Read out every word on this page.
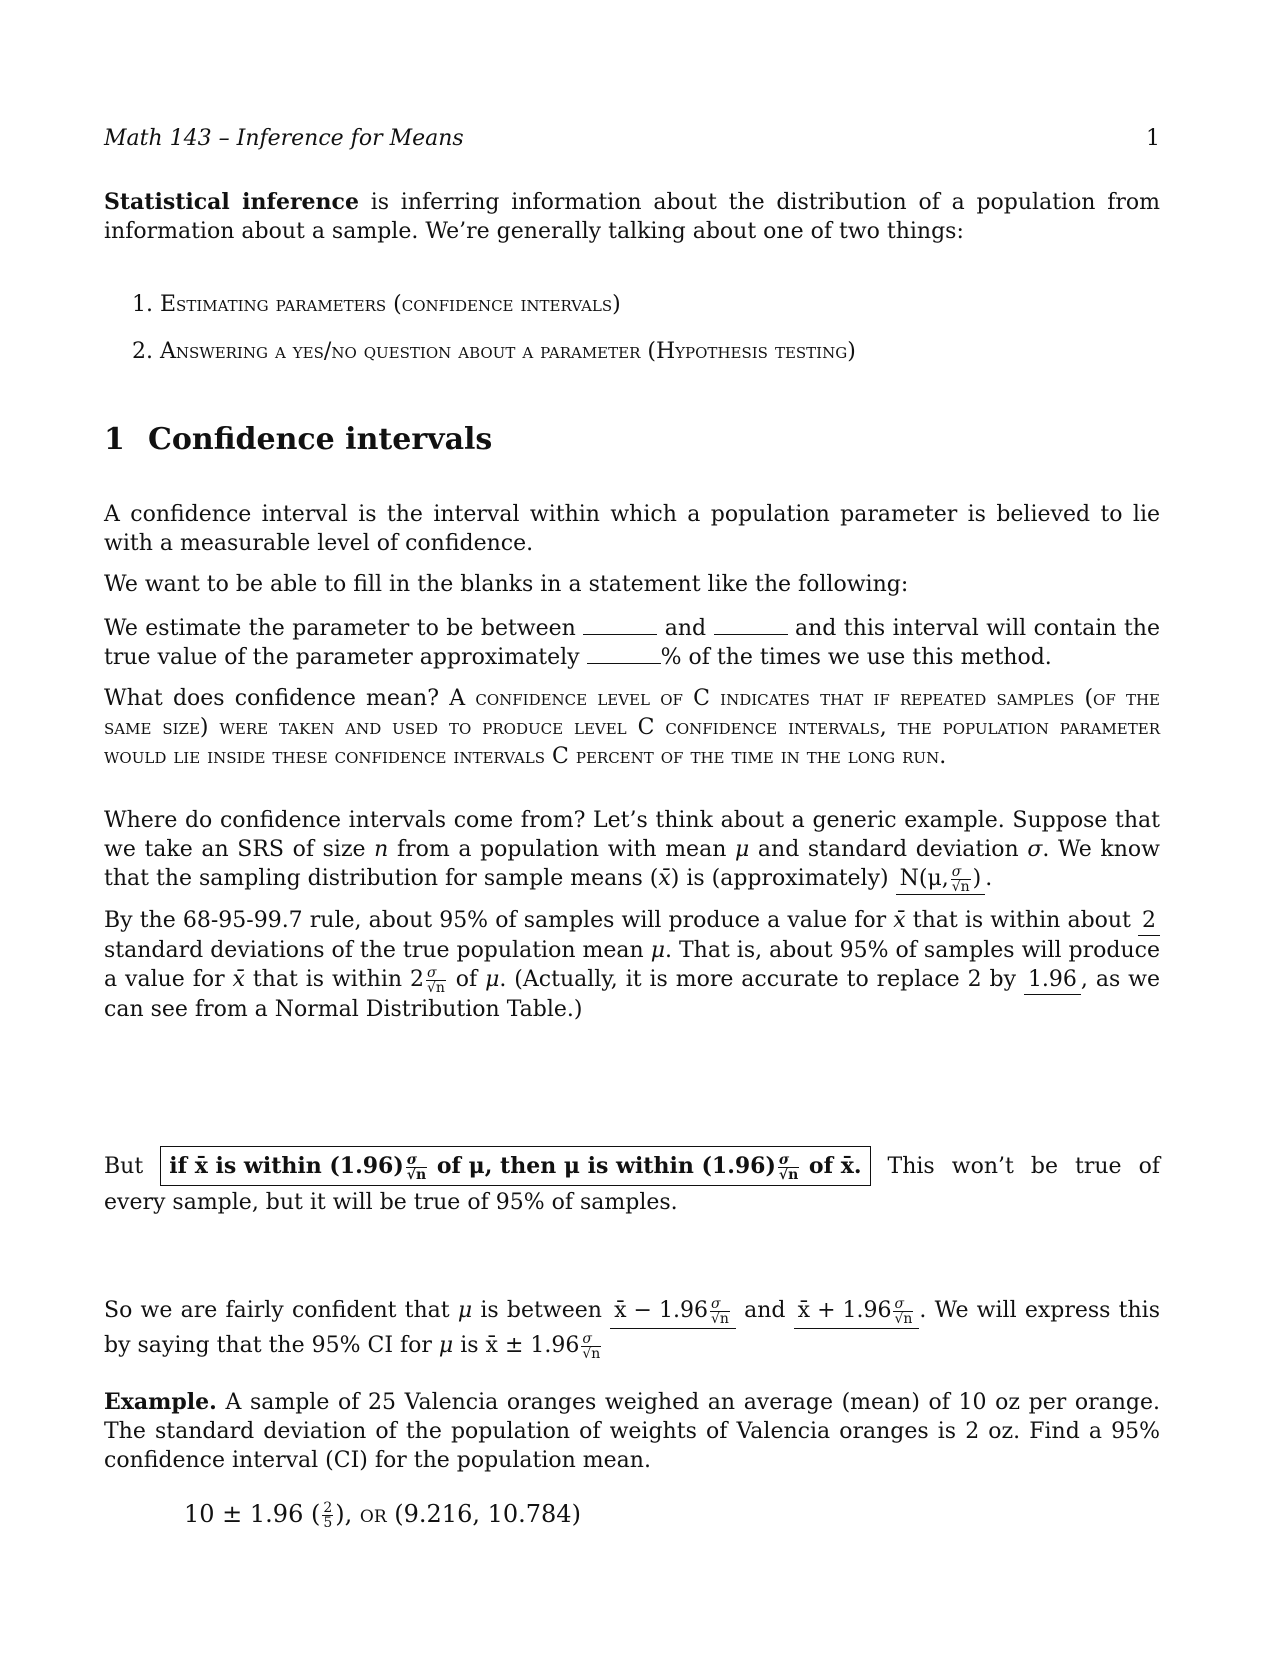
Math 143 – Inference for Means	1

Statistical inference is inferring information about the distribution of a population from information about a sample. We’re generally talking about one of two things:

1. Estimating parameters (confidence intervals)
2. Answering a yes/no question about a parameter (Hypothesis testing)
1 Confidence intervals

A confidence interval is the interval within which a population parameter is believed to lie with a measurable level of confidence.

We want to be able to fill in the blanks in a statement like the following:

We estimate the parameter to be between	and	and this interval will contain the true value of the parameter approximately	% of the times we use this method.

What does confidence mean? A confidence level of C indicates that if repeated samples (of the same size) were taken and used to produce level C confidence intervals, the population parameter would lie inside these confidence intervals C percent of the time in the long run.

Where do confidence intervals come from? Let’s think about a generic example. Suppose that we take an SRS of size n from a population with mean μ and standard deviation σ. We know that the sampling distribution for sample means (x̄) is (approximately) N(μ, $\frac{\sigma}{√n}$ ) .

By the 68-95-99.7 rule, about 95% of samples will produce a value for x̄ that is within about 2 standard deviations of the true population mean μ. That is, about 95% of samples will produce a value for x̄ that is within $2 \frac{\sigma}{√n}$ of μ. (Actually, it is more accurate to replace 2 by 1.96 , as we can see from a Normal Distribution Table.)

But if x̄ is within $(1.96) \frac{\sigma}{√n}$ of μ, then μ is within $(1.96) \frac{\sigma}{√n}$ of x̄. This won’t be true of every sample, but it will be true of 95% of samples.

So we are fairly confident that μ is between x̄ − $1.96 \frac{\sigma}{√n}$ and x̄ + $1.96 \frac{\sigma}{√n}$ . We will express this by saying that the 95% CI for μ is x̄ ± $1.96 \frac{\sigma}{√n}$

Example. A sample of 25 Valencia oranges weighed an average (mean) of 10 oz per orange. The standard deviation of the population of weights of Valencia oranges is 2 oz. Find a 95% confidence interval (CI) for the population mean.

10 ± 1.96 ( $\frac{2}{5}$ ), or (9.216, 10.784)
